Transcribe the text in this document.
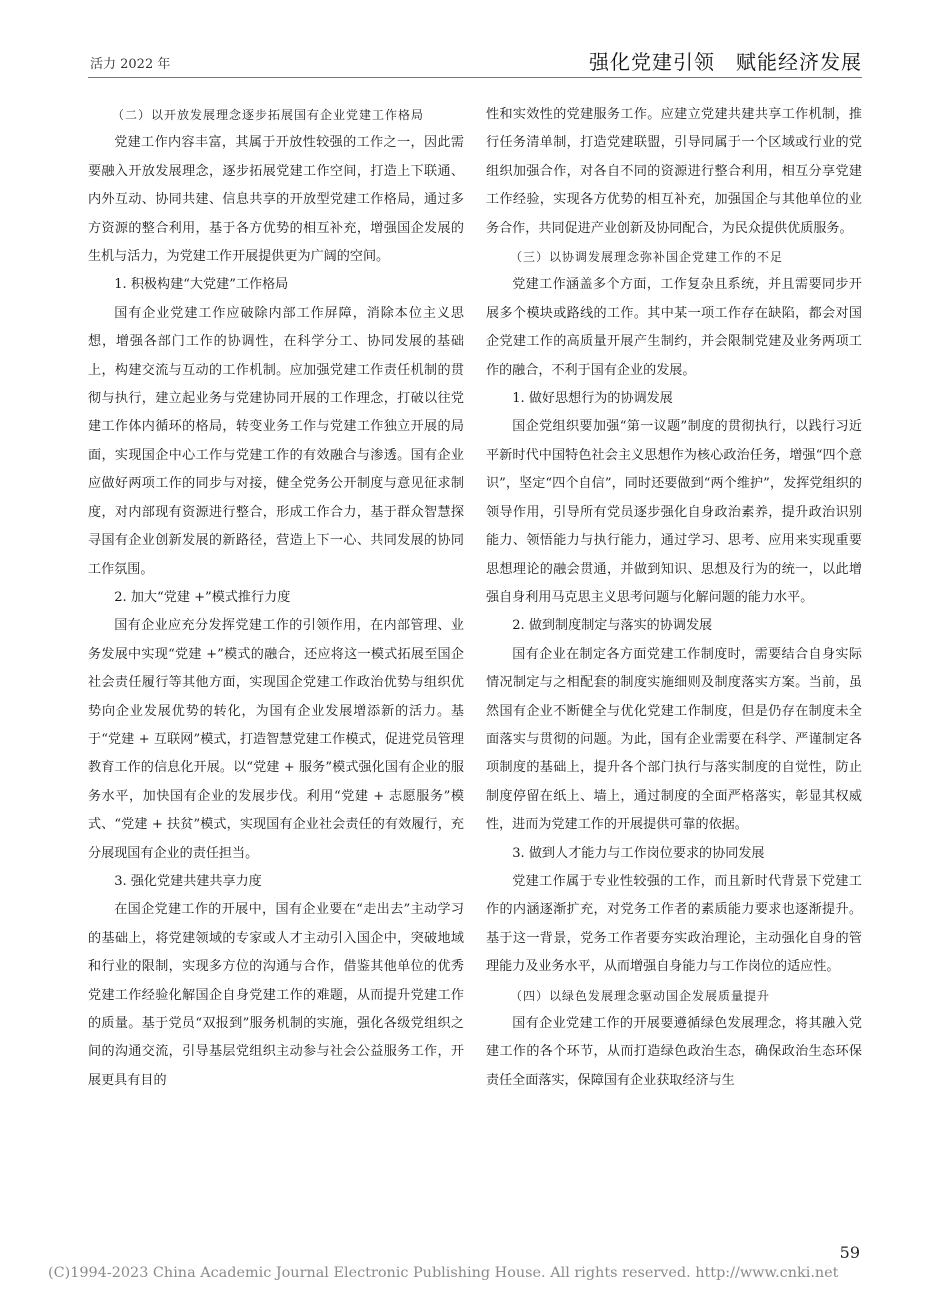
活力 2022 年	强化党建引领　赋能经济发展

（二）以开放发展理念逐步拓展国有企业党建工作格局

党建工作内容丰富，其属于开放性较强的工作之一，因此需要融入开放发展理念，逐步拓展党建工作空间，打造上下联通、内外互动、协同共建、信息共享的开放型党建工作格局，通过多方资源的整合利用，基于各方优势的相互补充，增强国企发展的生机与活力，为党建工作开展提供更为广阔的空间。

1. 积极构建“大党建”工作格局

国有企业党建工作应破除内部工作屏障，消除本位主义思想，增强各部门工作的协调性，在科学分工、协同发展的基础上，构建交流与互动的工作机制。应加强党建工作责任机制的贯彻与执行，建立起业务与党建协同开展的工作理念，打破以往党建工作体内循环的格局，转变业务工作与党建工作独立开展的局面，实现国企中心工作与党建工作的有效融合与渗透。国有企业应做好两项工作的同步与对接，健全党务公开制度与意见征求制度，对内部现有资源进行整合，形成工作合力，基于群众智慧探寻国有企业创新发展的新路径，营造上下一心、共同发展的协同工作氛围。

2. 加大“党建 +”模式推行力度

国有企业应充分发挥党建工作的引领作用，在内部管理、业务发展中实现“党建 +”模式的融合，还应将这一模式拓展至国企社会责任履行等其他方面，实现国企党建工作政治优势与组织优势向企业发展优势的转化，为国有企业发展增添新的活力。基于“党建 + 互联网”模式，打造智慧党建工作模式，促进党员管理教育工作的信息化开展。以“党建 + 服务”模式强化国有企业的服务水平，加快国有企业的发展步伐。利用“党建 + 志愿服务”模式、“党建 + 扶贫”模式，实现国有企业社会责任的有效履行，充分展现国有企业的责任担当。

3. 强化党建共建共享力度

在国企党建工作的开展中，国有企业要在“走出去”主动学习的基础上，将党建领域的专家或人才主动引入国企中，突破地域和行业的限制，实现多方位的沟通与合作，借鉴其他单位的优秀党建工作经验化解国企自身党建工作的难题，从而提升党建工作的质量。基于党员“双报到”服务机制的实施，强化各级党组织之间的沟通交流，引导基层党组织主动参与社会公益服务工作，开展更具有目的

性和实效性的党建服务工作。应建立党建共建共享工作机制，推行任务清单制，打造党建联盟，引导同属于一个区域或行业的党组织加强合作，对各自不同的资源进行整合利用，相互分享党建工作经验，实现各方优势的相互补充，加强国企与其他单位的业务合作，共同促进产业创新及协同配合，为民众提供优质服务。

（三）以协调发展理念弥补国企党建工作的不足

党建工作涵盖多个方面，工作复杂且系统，并且需要同步开展多个模块或路线的工作。其中某一项工作存在缺陷，都会对国企党建工作的高质量开展产生制约，并会限制党建及业务两项工作的融合，不利于国有企业的发展。

1. 做好思想行为的协调发展

国企党组织要加强“第一议题”制度的贯彻执行，以践行习近平新时代中国特色社会主义思想作为核心政治任务，增强“四个意识”，坚定“四个自信”，同时还要做到“两个维护”，发挥党组织的领导作用，引导所有党员逐步强化自身政治素养，提升政治识别能力、领悟能力与执行能力，通过学习、思考、应用来实现重要思想理论的融会贯通，并做到知识、思想及行为的统一，以此增强自身利用马克思主义思考问题与化解问题的能力水平。

2. 做到制度制定与落实的协调发展

国有企业在制定各方面党建工作制度时，需要结合自身实际情况制定与之相配套的制度实施细则及制度落实方案。当前，虽然国有企业不断健全与优化党建工作制度，但是仍存在制度未全面落实与贯彻的问题。为此，国有企业需要在科学、严谨制定各项制度的基础上，提升各个部门执行与落实制度的自觉性，防止制度停留在纸上、墙上，通过制度的全面严格落实，彰显其权威性，进而为党建工作的开展提供可靠的依据。

3. 做到人才能力与工作岗位要求的协同发展

党建工作属于专业性较强的工作，而且新时代背景下党建工作的内涵逐渐扩充，对党务工作者的素质能力要求也逐渐提升。基于这一背景，党务工作者要夯实政治理论，主动强化自身的管理能力及业务水平，从而增强自身能力与工作岗位的适应性。

（四）以绿色发展理念驱动国企发展质量提升

国有企业党建工作的开展要遵循绿色发展理念，将其融入党建工作的各个环节，从而打造绿色政治生态，确保政治生态环保责任全面落实，保障国有企业获取经济与生

59
(C)1994-2023 China Academic Journal Electronic Publishing House. All rights reserved. http://www.cnki.net
